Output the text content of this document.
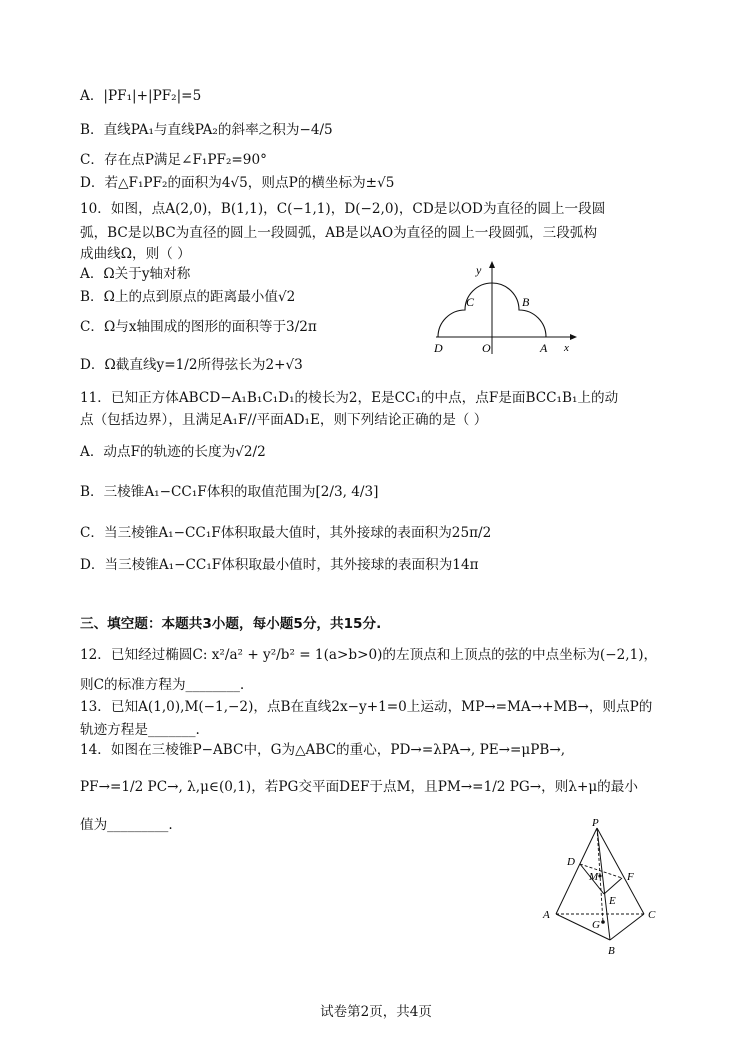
A．|PF₁|+|PF₂|=5
B．直线PA₁与直线PA₂的斜率之积为−4/5
C．存在点P满足∠F₁PF₂=90°
D．若△F₁PF₂的面积为4√5，则点P的横坐标为±√5
10．如图，点A(2,0)，B(1,1)，C(−1,1)，D(−2,0)，CD是以OD为直径的圆上一段圆
弧，BC是以BC为直径的圆上一段圆弧，AB是以AO为直径的圆上一段圆弧，三段弧构
成曲线Ω，则（ ）
A．Ω关于y轴对称
B．Ω上的点到原点的距离最小值√2
C．Ω与x轴围成的图形的面积等于3/2π
D．Ω截直线y=1/2所得弦长为2+√3
C	B
y
D	O	A x
11．已知正方体ABCD−A₁B₁C₁D₁的棱长为2，E是CC₁的中点，点F是面BCC₁B₁上的动
点（包括边界），且满足A₁F//平面AD₁E，则下列结论正确的是（ ）
A．动点F的轨迹的长度为√2/2
B．三棱锥A₁−CC₁F体积的取值范围为[2/3, 4/3]
C．当三棱锥A₁−CC₁F体积取最大值时，其外接球的表面积为25π/2
D．当三棱锥A₁−CC₁F体积取最小值时，其外接球的表面积为14π
三、填空题：本题共3小题，每小题5分，共15分.
12．已知经过椭圆C: x²/a² + y²/b² = 1(a>b>0)的左顶点和上顶点的弦的中点坐标为(−2,1)，
则C的标准方程为________.
13．已知A(1,0),M(−1,−2)，点B在直线2x−y+1=0上运动，MP→=MA→+MB→，则点P的
轨迹方程是_______.
14．如图在三棱锥P−ABC中，G为△ABC的重心，PD→=λPA→, PE→=μPB→,
PF→=1/2 PC→, λ,μ∈(0,1)，若PG交平面DEF于点M，且PM→=1/2 PG→，则λ+μ的最小
值为_________.	P
D
M	F
E
A	C
G
B
试卷第2页，共4页
